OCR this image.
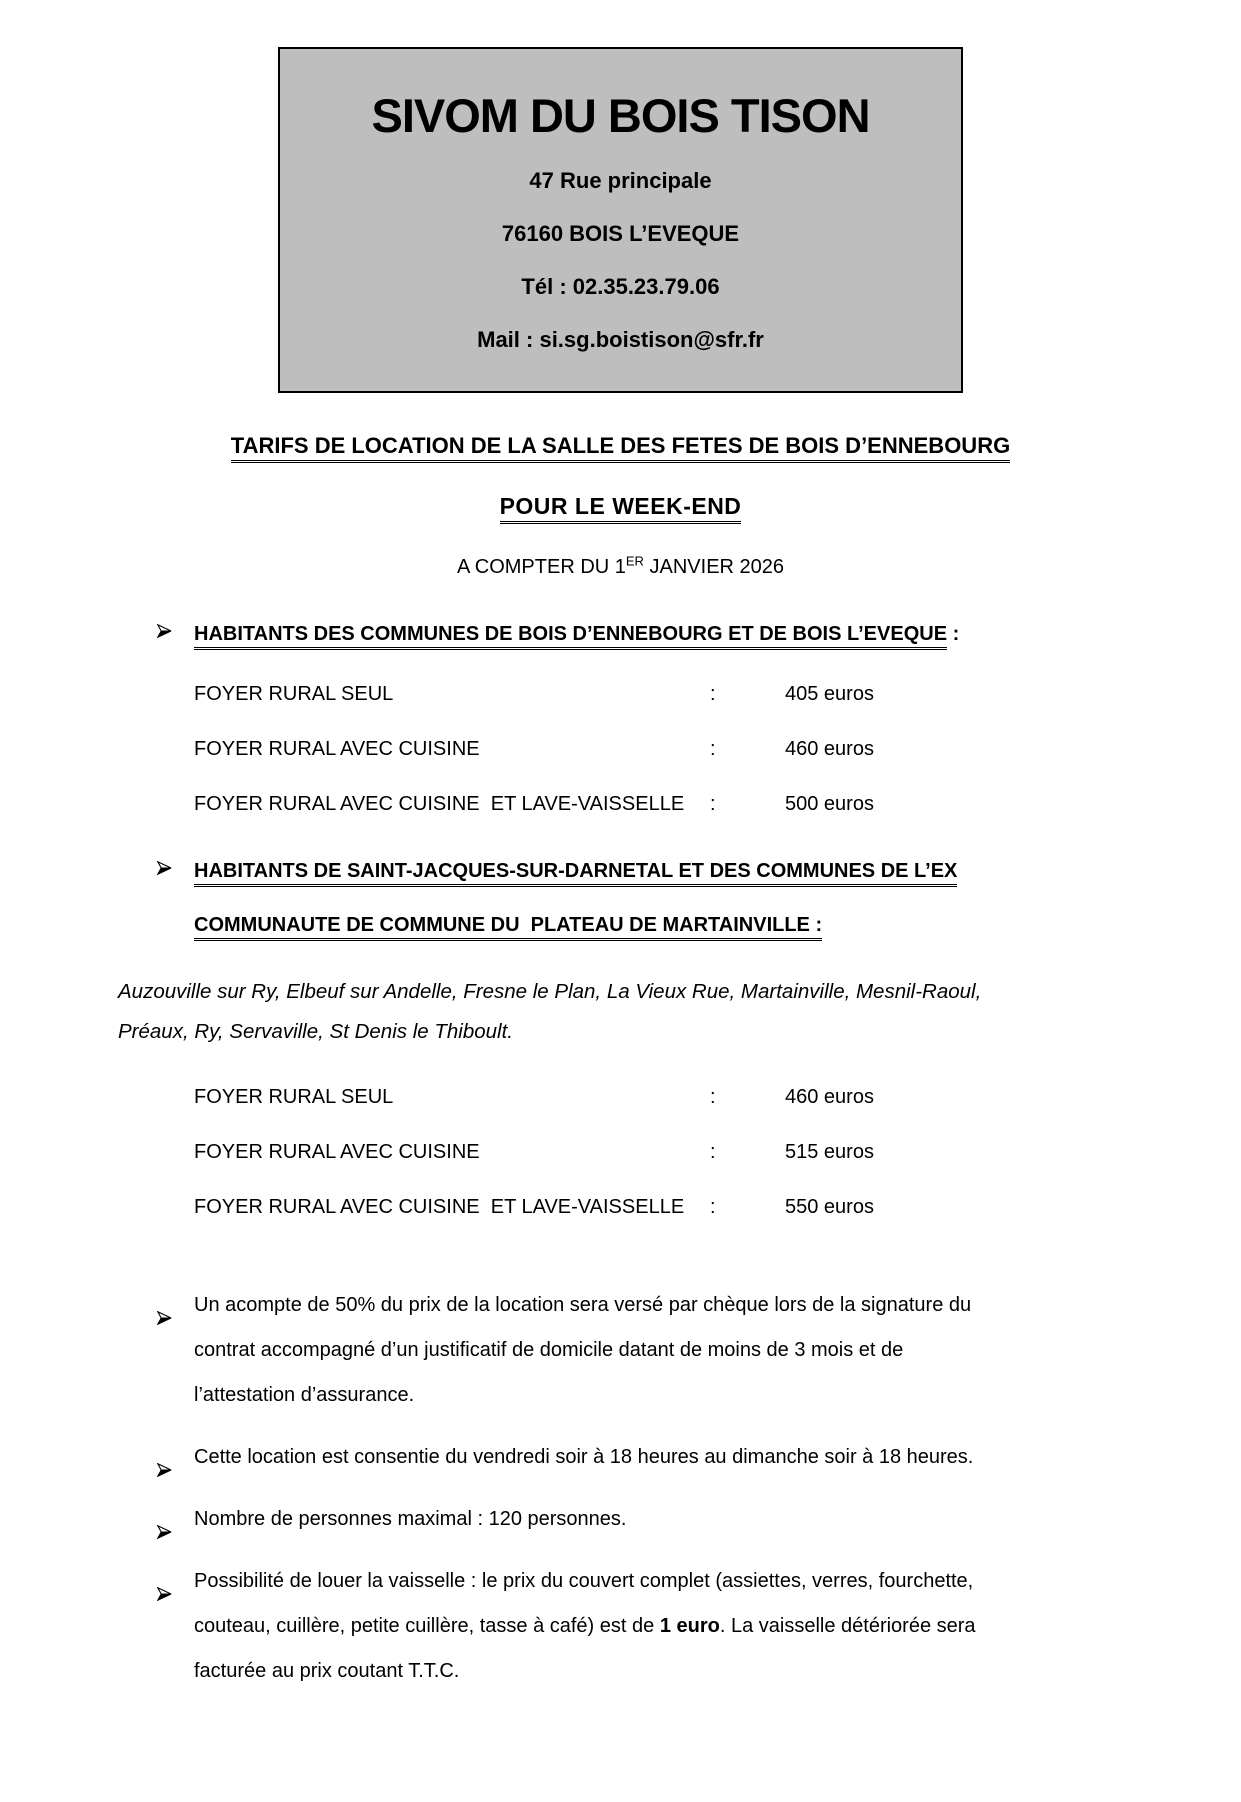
SIVOM DU BOIS TISON
47 Rue principale
76160 BOIS L’EVEQUE
Tél : 02.35.23.79.06
Mail : si.sg.boistison@sfr.fr
TARIFS DE LOCATION DE LA SALLE DES FETES DE BOIS D’ENNEBOURG
POUR LE WEEK-END
A COMPTER DU 1ER JANVIER 2026
HABITANTS DES COMMUNES DE BOIS D’ENNEBOURG ET DE BOIS L’EVEQUE :
FOYER RURAL SEUL	:	405 euros
FOYER RURAL AVEC CUISINE	:	460 euros
FOYER RURAL AVEC CUISINE  ET LAVE-VAISSELLE	:	500 euros
HABITANTS DE SAINT-JACQUES-SUR-DARNETAL ET DES COMMUNES DE L’EX
COMMUNAUTE DE COMMUNE DU  PLATEAU DE MARTAINVILLE :
Auzouville sur Ry, Elbeuf sur Andelle, Fresne le Plan, La Vieux Rue, Martainville, Mesnil-Raoul,
Préaux, Ry, Servaville, St Denis le Thiboult.
FOYER RURAL SEUL	:	460 euros
FOYER RURAL AVEC CUISINE	:	515 euros
FOYER RURAL AVEC CUISINE  ET LAVE-VAISSELLE	:	550 euros
Un acompte de 50% du prix de la location sera versé par chèque lors de la signature du
contrat accompagné d’un justificatif de domicile datant de moins de 3 mois et de
l’attestation d’assurance.
Cette location est consentie du vendredi soir à 18 heures au dimanche soir à 18 heures.
Nombre de personnes maximal : 120 personnes.
Possibilité de louer la vaisselle : le prix du couvert complet (assiettes, verres, fourchette,
couteau, cuillère, petite cuillère, tasse à café) est de 1 euro. La vaisselle détériorée sera
facturée au prix coutant T.T.C.
